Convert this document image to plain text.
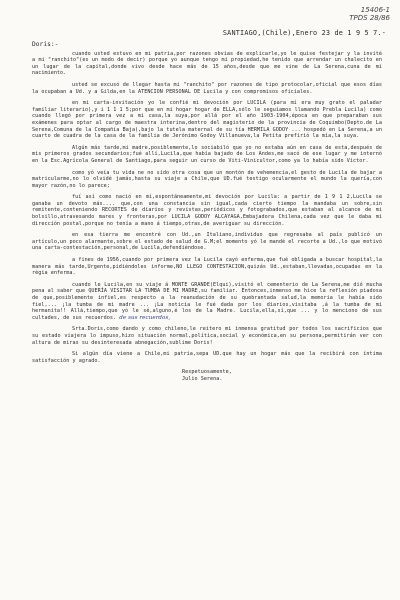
15406-1
TPDS 28/86
SANTIAGO,(Chile),Enero 23 de 1 9 5 7.-
Doris:-

cuando usted estuvo en mi patria,por razones obvias de explicarle,yo le quise festejar y la invité a mi "ranchito"(es un modo de decir) porque yo aunque tengo mi propiedad,he tenido que arrendar un chalecito en un lugar de la capital,donde vivo desde hace más de 15 años,desde que me vine de La Serena,cuna de mi nacimiento.

usted se excusó de llegar hasta mi "ranchito" por razones de tipo protocolar,oficial que esos días la ocupaban a Ud. y a Gilda,en la ATENCION PERSONAL DE Lucila y con compromisos oficiales.

en mi carta-invitación yo le confié mi devoción por LUCILA (para mí era muy grato el paladar familiar literario),y i 1 1 1 5;por que en mi hogar hogar de ELLA,sólo le seguíamos llamando Prebla Lucila) como cuando llegó por primera vez a mi casa,la suya,por allá por el año 1903-1904,época en que preparaban sus exámenes para optar al cargo de maestra interina,dentro del magisterio de la provincia de Coquimbo(Depto.de La Serena,Comuna de la Compañía Baja),bajo la tutela maternal de su tía HERMILA GODOY ... hospedó en La Serena,a un cuarto de cuadra de la casa de la familia de Jerónimo Godoy Villanueva,la Petita prefirió la mía,la suya.

Algún más tarde,mi madre,posiblemente,lo sociabiló que yo no estaba aún en casa de esta,después de mis primeros grados secundarios;fué allí,Lucila,que había bajado de Los Andes,me sacó de ese lugar y me internó en la Esc.Agrícola General de Santiago,para seguir un curso de Viti-Vinicultor,como ya lo había sido Víctor.

como yó veía tu vida ne no sido otra cosa que un montón de vehemencia,el gesto de Lucila de bajar a matricularme,no lo olvidé jamás,hasta su viaje a Chile,que UD.fué testigo ocularmente el mundo la quería,con mayor razón,no lo parece;

fuí así como nació en mí,espontáneamente,mi devoción por Lucila: a partir de 1 9 1 2,Lucila se ganaba un devoto más.... que,con una constancia sin igual,cada cierto tiempo la mandaba un sobre,sin remitente,conteniendo RECORTES de diarios y revistas,periódicos y fotograbados,que estaban al alcance de mi bolsillo,atravesando mares y fronteras,por LUCILA GODOY ALCAYAGA,Embajadora Chilena,cada vez que le daba mi dirección postal,porque no tenía a mano á tiempo,otras,de averiguar su dirección.

en esa tierra me encontré con Ud.,un Italiano,individuo que regresaba al país publicó un artículo,un poco alarmante,sobre el estado de salud de G.M;el momento yó le mandé el recorte a Ud.,lo que motivó una carta-contestación,personal,de Lucila,defendiéndose.

a fines de 1956,cuando por primera vez la Lucila cayó enferma,que fué obligada a buscar hospital,la manera más tarde,Urgente,pidiéndoles informe,NO LLEGO CONTESTACION,quizás Ud.,estaban,llevadas,ocupadas en la régia enferma.

cuando le Lucila,en su viaje á MONTE GRANDE(Elqui),visitó el cementerio de La Serena,me dió mucha pena al saber que QUERÍA VISITAR LA TUMBA DE MI MADRE,su familiar. Entonces,inmenso me hice la reflexión piadosa de que,posiblemente infiel,es respecto a la reanudación de su quebrantada salud,la memoria le había sido fiel,... ¡la tumba de mi madre ... ¡La noticia le fué dada por los diarios,visitaba ,á la tumba de mi hermanita!! Allá,tiempo,que yó le sé,alguno,é los de la Madre. Lucila,ella,sí,que ... y lo menciono de sus cultades, de sus recuerdos. de sus recuerdos,

Srta.Doris,como dando y como chileno,le reitero mi inmensa gratitud por todos los sacrificios que su estado viajera lo impuso,hizo situación normal,política,social y económica,en su persona,permitirán ver con altura de miras su desinteresada abnegación,sublime Doris!

Si algún día viene a Chile,mi patria,sepa UD.que hay un hogar más que la recibirá con íntima satisfacción y agrado.

Respetuosamente,
Julio Serena.
